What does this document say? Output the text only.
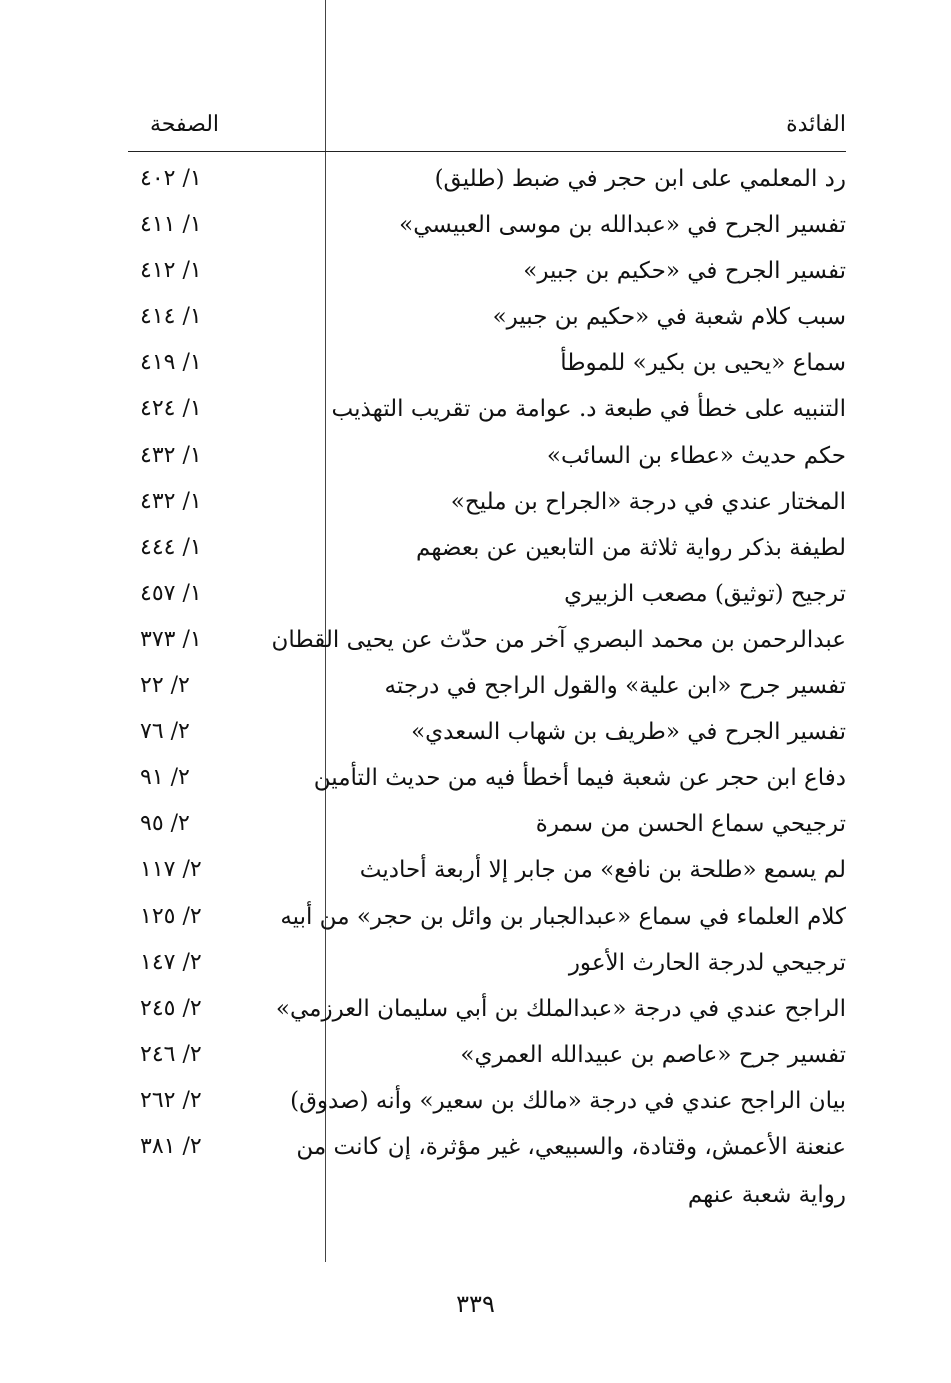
الفائدة
الصفحة
رد المعلمي على ابن حجر في ضبط (طليق)
١/ ٤٠٢
تفسير الجرح في «عبدالله بن موسى العبيسي»
١/ ٤١١
تفسير الجرح في «حكيم بن جبير»
١/ ٤١٢
سبب كلام شعبة في «حكيم بن جبير»
١/ ٤١٤
سماع «يحيى بن بكير» للموطأ
١/ ٤١٩
التنبيه على خطأ في طبعة د. عوامة من تقريب التهذيب
١/ ٤٢٤
حكم حديث «عطاء بن السائب»
١/ ٤٣٢
المختار عندي في درجة «الجراح بن مليح»
١/ ٤٣٢
لطيفة بذكر رواية ثلاثة من التابعين عن بعضهم
١/ ٤٤٤
ترجيح (توثيق) مصعب الزبيري
١/ ٤٥٧
عبدالرحمن بن محمد البصري آخر من حدّث عن يحيى القطان
١/ ٣٧٣
تفسير جرح «ابن علية» والقول الراجح في درجته
٢/ ٢٢
تفسير الجرح في «طريف بن شهاب السعدي»
٢/ ٧٦
دفاع ابن حجر عن شعبة فيما أخطأ فيه من حديث التأمين
٢/ ٩١
ترجيحي سماع الحسن من سمرة
٢/ ٩٥
لم يسمع «طلحة بن نافع» من جابر إلا أربعة أحاديث
٢/ ١١٧
كلام العلماء في سماع «عبدالجبار بن وائل بن حجر» من أبيه
٢/ ١٢٥
ترجيحي لدرجة الحارث الأعور
٢/ ١٤٧
الراجح عندي في درجة «عبدالملك بن أبي سليمان العرزمي»
٢/ ٢٤٥
تفسير جرح «عاصم بن عبيدالله العمري»
٢/ ٢٤٦
بيان الراجح عندي في درجة «مالك بن سعير» وأنه (صدوق)
٢/ ٢٦٢
عنعنة الأعمش، وقتادة، والسبيعي، غير مؤثرة، إن كانت من
٢/ ٣٨١
رواية شعبة عنهم
٣٣٩
